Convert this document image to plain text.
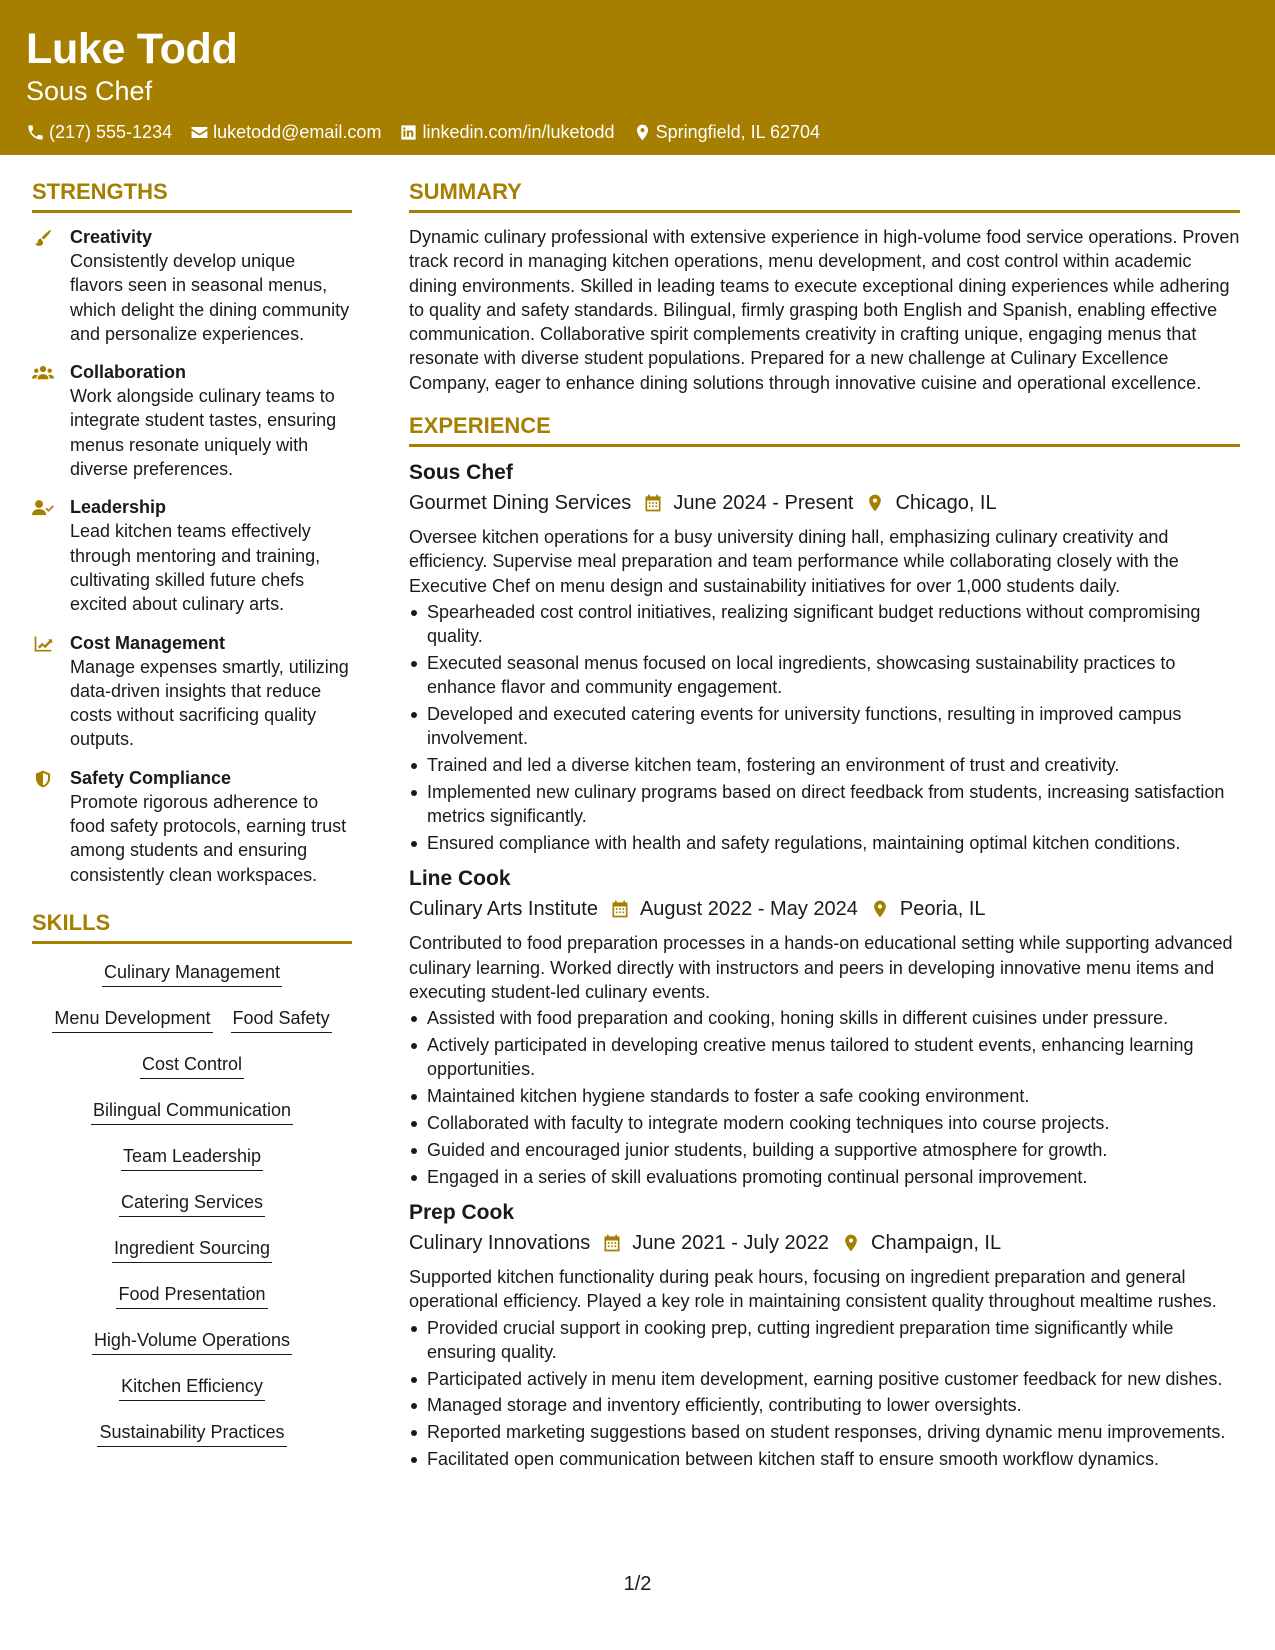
Luke Todd
Sous Chef
(217) 555-1234 luketodd@email.com linkedin.com/in/luketodd Springfield, IL 62704
STRENGTHS
Creativity
Consistently develop unique flavors seen in seasonal menus, which delight the dining community and personalize experiences.
Collaboration
Work alongside culinary teams to integrate student tastes, ensuring menus resonate uniquely with diverse preferences.
Leadership
Lead kitchen teams effectively through mentoring and training, cultivating skilled future chefs excited about culinary arts.
Cost Management
Manage expenses smartly, utilizing data-driven insights that reduce costs without sacrificing quality outputs.
Safety Compliance
Promote rigorous adherence to food safety protocols, earning trust among students and ensuring consistently clean workspaces.
SKILLS
Culinary Management
Menu Development Food Safety
Cost Control
Bilingual Communication
Team Leadership
Catering Services
Ingredient Sourcing
Food Presentation
High-Volume Operations
Kitchen Efficiency
Sustainability Practices
SUMMARY
Dynamic culinary professional with extensive experience in high-volume food service operations. Proven track record in managing kitchen operations, menu development, and cost control within academic dining environments. Skilled in leading teams to execute exceptional dining experiences while adhering to quality and safety standards. Bilingual, firmly grasping both English and Spanish, enabling effective communication. Collaborative spirit complements creativity in crafting unique, engaging menus that resonate with diverse student populations. Prepared for a new challenge at Culinary Excellence Company, eager to enhance dining solutions through innovative cuisine and operational excellence.
EXPERIENCE
Sous Chef
Gourmet Dining Services June 2024 - Present Chicago, IL
Oversee kitchen operations for a busy university dining hall, emphasizing culinary creativity and efficiency. Supervise meal preparation and team performance while collaborating closely with the Executive Chef on menu design and sustainability initiatives for over 1,000 students daily.
Spearheaded cost control initiatives, realizing significant budget reductions without compromising quality.
Executed seasonal menus focused on local ingredients, showcasing sustainability practices to enhance flavor and community engagement.
Developed and executed catering events for university functions, resulting in improved campus involvement.
Trained and led a diverse kitchen team, fostering an environment of trust and creativity.
Implemented new culinary programs based on direct feedback from students, increasing satisfaction metrics significantly.
Ensured compliance with health and safety regulations, maintaining optimal kitchen conditions.
Line Cook
Culinary Arts Institute August 2022 - May 2024 Peoria, IL
Contributed to food preparation processes in a hands-on educational setting while supporting advanced culinary learning. Worked directly with instructors and peers in developing innovative menu items and executing student-led culinary events.
Assisted with food preparation and cooking, honing skills in different cuisines under pressure.
Actively participated in developing creative menus tailored to student events, enhancing learning opportunities.
Maintained kitchen hygiene standards to foster a safe cooking environment.
Collaborated with faculty to integrate modern cooking techniques into course projects.
Guided and encouraged junior students, building a supportive atmosphere for growth.
Engaged in a series of skill evaluations promoting continual personal improvement.
Prep Cook
Culinary Innovations June 2021 - July 2022 Champaign, IL
Supported kitchen functionality during peak hours, focusing on ingredient preparation and general operational efficiency. Played a key role in maintaining consistent quality throughout mealtime rushes.
Provided crucial support in cooking prep, cutting ingredient preparation time significantly while ensuring quality.
Participated actively in menu item development, earning positive customer feedback for new dishes.
Managed storage and inventory efficiently, contributing to lower oversights.
Reported marketing suggestions based on student responses, driving dynamic menu improvements.
Facilitated open communication between kitchen staff to ensure smooth workflow dynamics.
1/2
